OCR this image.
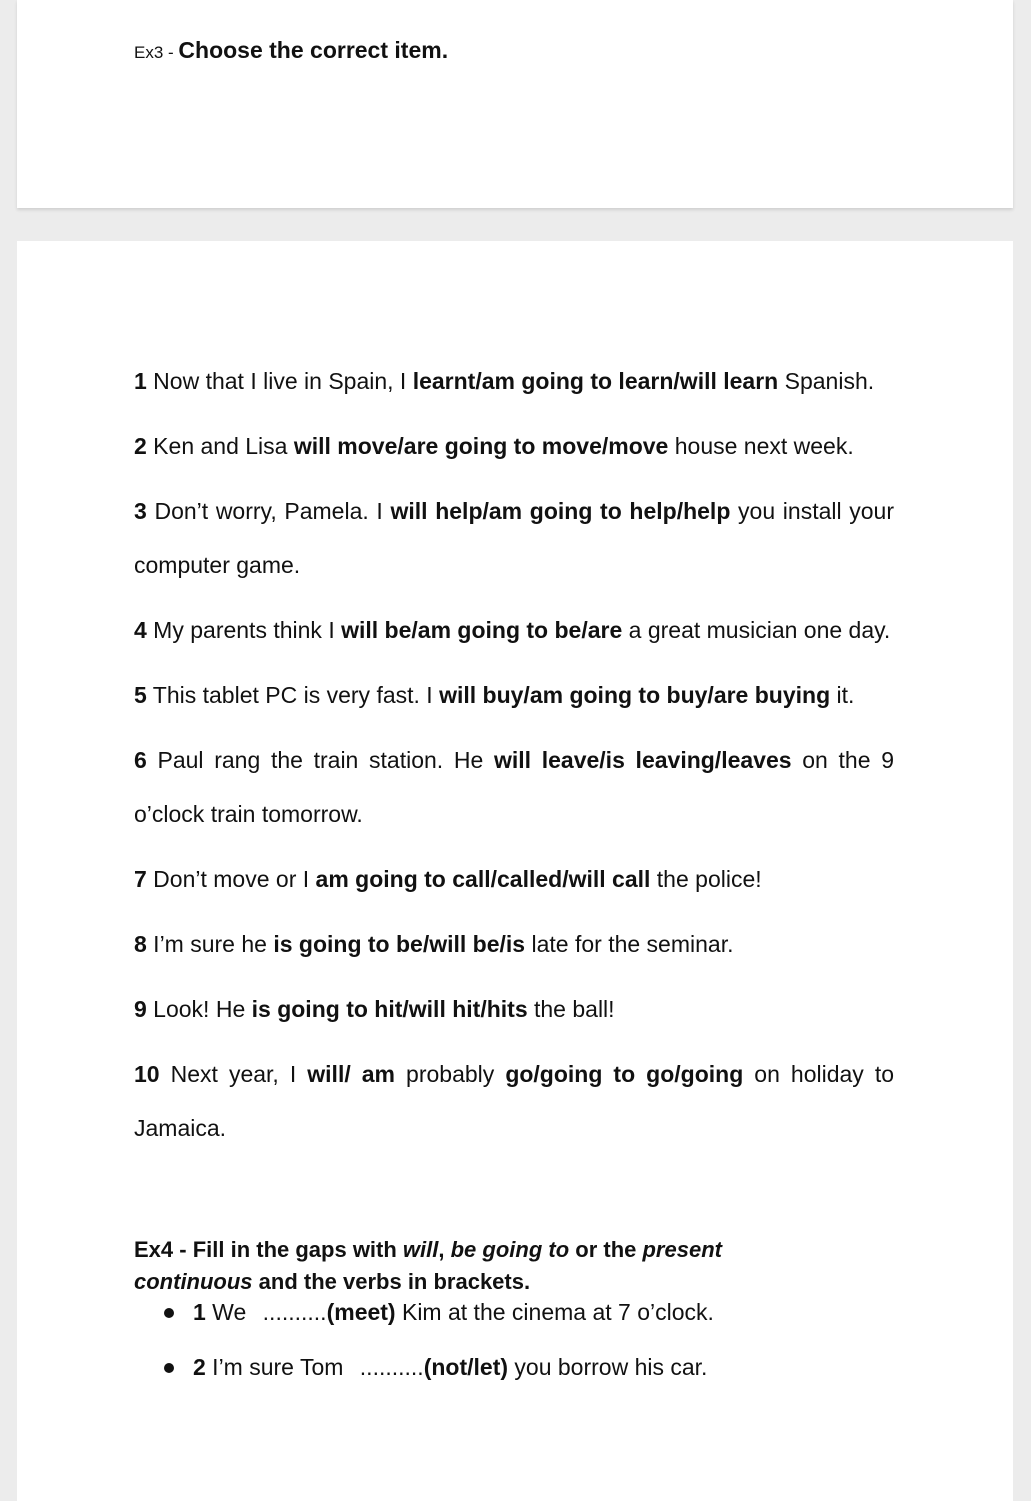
Ex3 - Choose the correct item.
1 Now that I live in Spain, I learnt/am going to learn/will learn Spanish.
2 Ken and Lisa will move/are going to move/move house next week.
3 Don’t worry, Pamela. I will help/am going to help/help you install your computer game.
4 My parents think I will be/am going to be/are a great musician one day.
5 This tablet PC is very fast. I will buy/am going to buy/are buying it.
6 Paul rang the train station. He will leave/is leaving/leaves on the 9 o’clock train tomorrow.
7 Don’t move or I am going to call/called/will call the police!
8 I’m sure he is going to be/will be/is late for the seminar.
9 Look! He is going to hit/will hit/hits the ball!
10 Next year, I will/ am probably go/going to go/going on holiday to Jamaica.
Ex4 - Fill in the gaps with will, be going to or the present continuous and the verbs in brackets.
1 We ..........(meet) Kim at the cinema at 7 o’clock.
2 I’m sure Tom ..........(not/let) you borrow his car.
